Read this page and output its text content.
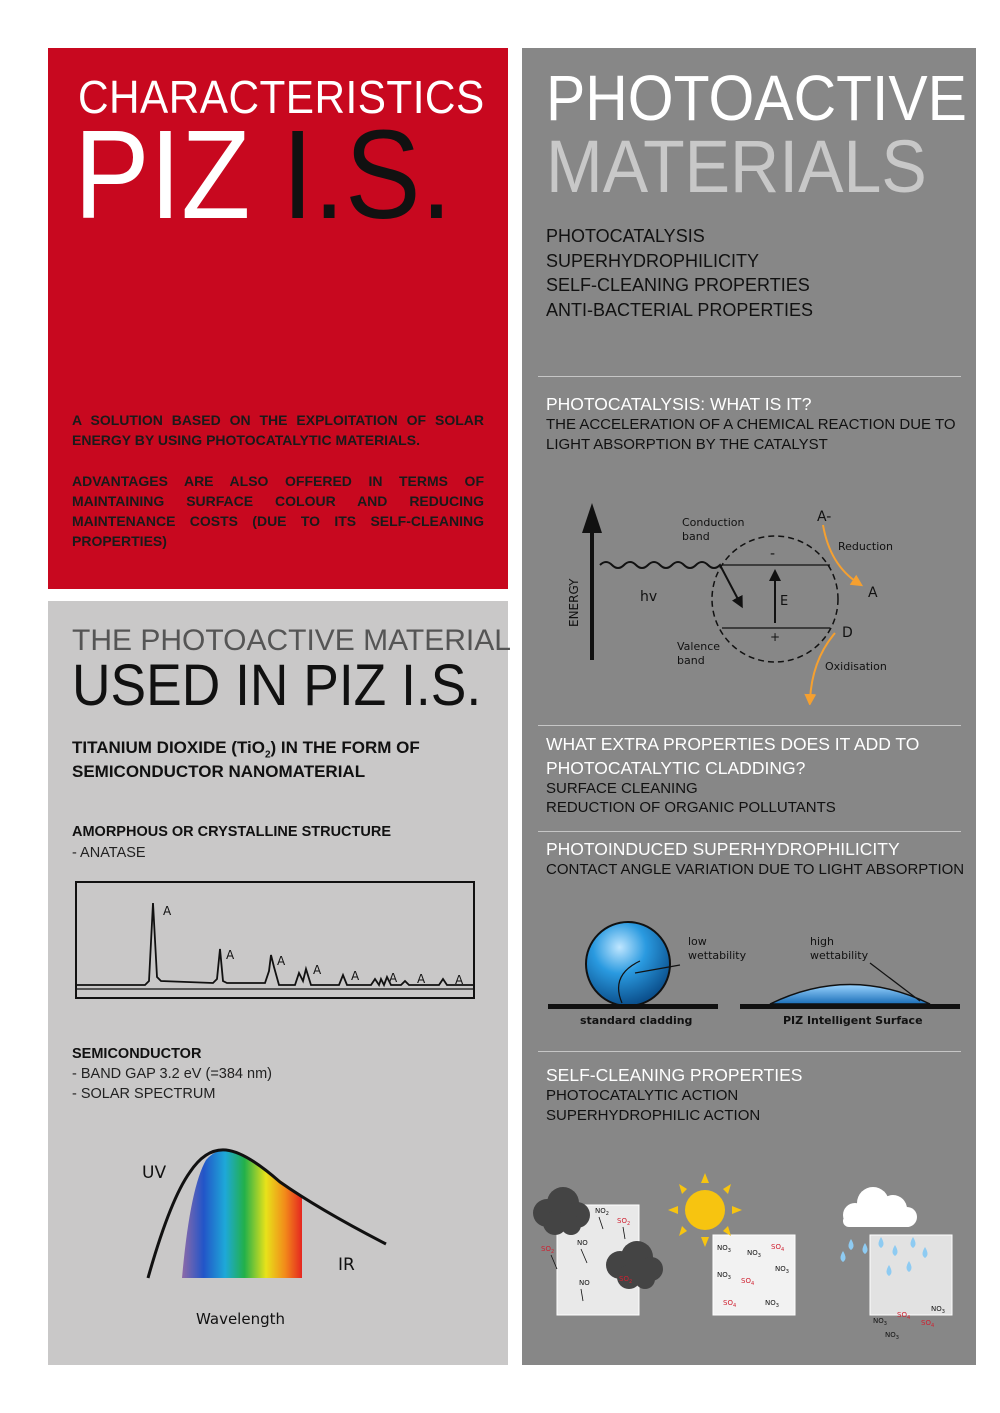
CHARACTERISTICS
PIZ I.S.
A SOLUTION BASED ON THE EXPLOITATION OF SOLAR ENERGY BY USING PHOTOCATALYTIC MATERIALS.
ADVANTAGES ARE ALSO OFFERED IN TERMS OF MAINTAINING SURFACE COLOUR AND REDUCING MAINTENANCE COSTS (DUE TO ITS SELF-CLEANING PROPERTIES)
PHOTOACTIVE
MATERIALS
PHOTOCATALYSIS
SUPERHYDROPHILICITY
SELF-CLEANING PROPERTIES
ANTI-BACTERIAL PROPERTIES
PHOTOCATALYSIS: WHAT IS IT?
THE ACCELERATION OF A CHEMICAL REACTION DUE TO
LIGHT ABSORPTION BY THE CATALYST
ENERGY	hv
-
+
E
Conduction
band
Valence
band
A-
Reduction
A
D
Oxidisation
WHAT EXTRA PROPERTIES DOES IT ADD TO
PHOTOCATALYTIC CLADDING?
SURFACE CLEANING
REDUCTION OF ORGANIC POLLUTANTS
PHOTOINDUCED SUPERHYDROPHILICITY
CONTACT ANGLE VARIATION DUE TO LIGHT ABSORPTION
low
wettability
high
wettability
standard cladding	PIZ Intelligent Surface
SELF-CLEANING PROPERTIES
PHOTOCATALYTIC ACTION
SUPERHYDROPHILIC ACTION
$NO_2$
$SO_2$
$SO_2$
NO
NO	$SO_2$
$NO_3$ $NO_3$
$SO_4$
$NO_3$ $SO_4$
$NO_3$
$SO_4$	$NO_3$
$NO_3$
$SO_4$
$SO_4$
$NO_3$
$NO_3$
THE PHOTOACTIVE MATERIAL
USED IN PIZ I.S.
TITANIUM DIOXIDE (TiO$_2$) IN THE FORM OF
SEMICONDUCTOR NANOMATERIAL
AMORPHOUS OR CRYSTALLINE STRUCTURE
- ANATASE
A
A	A
A A A A A
SEMICONDUCTOR
- BAND GAP 3.2 eV (=384 nm)
- SOLAR SPECTRUM
UV
IR
Wavelength
